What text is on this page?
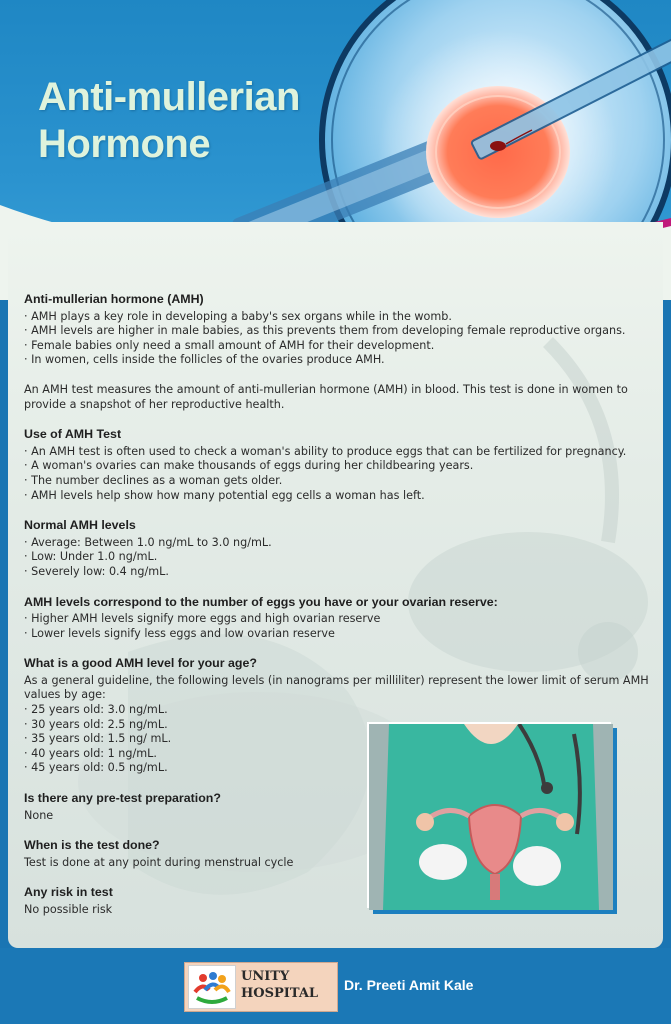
Anti-mullerian
Hormone

Anti-mullerian hormone (AMH)

· AMH plays a key role in developing a baby's sex organs while in the womb.

· AMH levels are higher in male babies, as this prevents them from developing female reproductive organs.

· Female babies only need a small amount of AMH for their development.

· In women, cells inside the follicles of the ovaries produce AMH.

An AMH test measures the amount of anti-mullerian hormone (AMH) in blood. This test is done in women to provide a snapshot of her reproductive health.

Use of AMH Test

· An AMH test is often used to check a woman's ability to produce eggs that can be fertilized for pregnancy.

· A woman's ovaries can make thousands of eggs during her childbearing years.

· The number declines as a woman gets older.

· AMH levels help show how many potential egg cells a woman has left.

Normal AMH levels

· Average: Between 1.0 ng/mL to 3.0 ng/mL.

· Low: Under 1.0 ng/mL.

· Severely low: 0.4 ng/mL.

AMH levels correspond to the number of eggs you have or your ovarian reserve:

· Higher AMH levels signify more eggs and high ovarian reserve

· Lower levels signify less eggs and low ovarian reserve

What is a good AMH level for your age?

As a general guideline, the following levels (in nanograms per milliliter) represent the lower limit of serum AMH values by age:

· 25 years old: 3.0 ng/mL.

· 30 years old: 2.5 ng/mL.

· 35 years old: 1.5 ng/ mL.

· 40 years old: 1 ng/mL.

· 45 years old: 0.5 ng/mL.

Is there any pre-test preparation?

None

When is the test done?

Test is done at any point during menstrual cycle

Any risk in test

No possible risk

UNITY
HOSPITAL
Dr. Preeti Amit Kale
